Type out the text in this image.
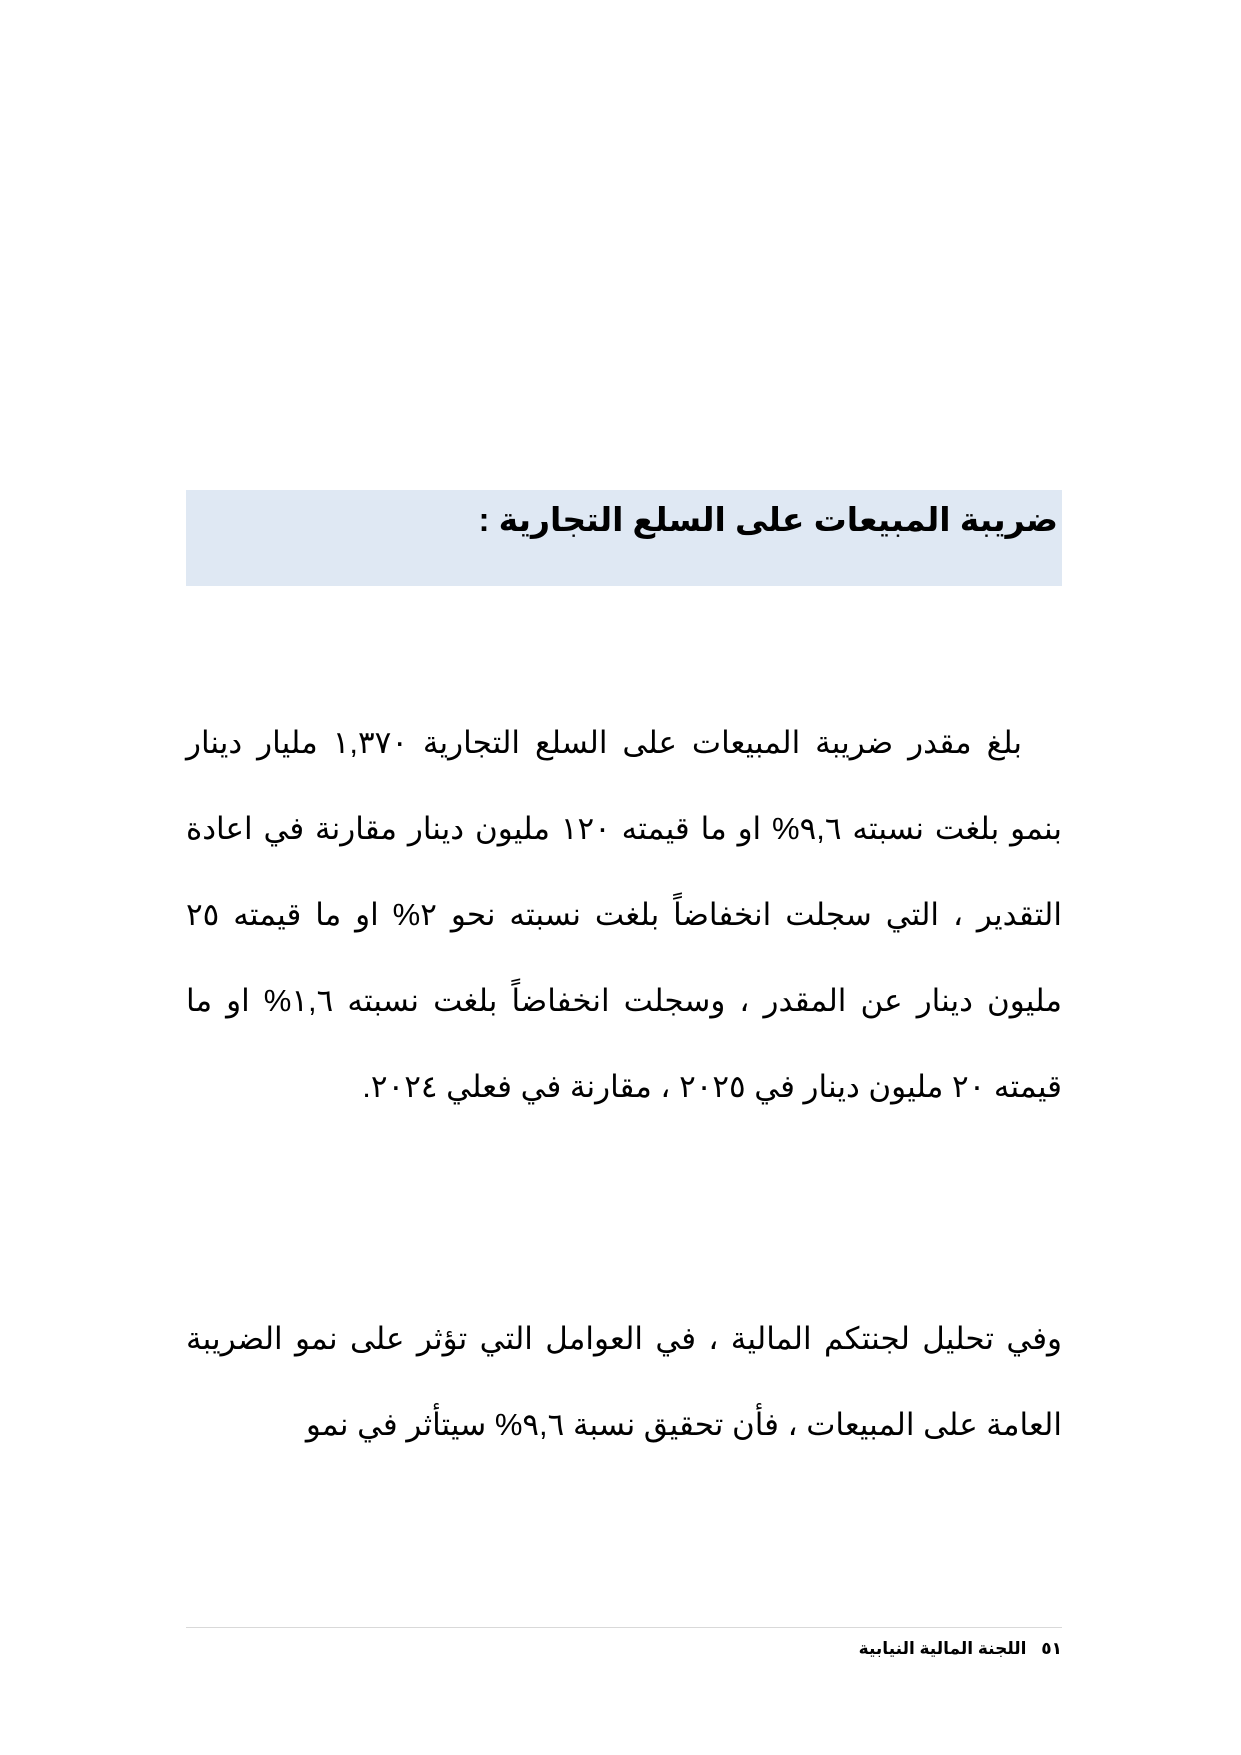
ضريبة المبيعات على السلع التجارية :

بلغ مقدر ضريبة المبيعات على السلع التجارية ١,٣٧٠ مليار دينار بنمو بلغت نسبته ٩,٦% او ما قيمته ١٢٠ مليون دينار مقارنة في اعادة التقدير ، التي سجلت انخفاضاً بلغت نسبته نحو ٢% او ما قيمته ٢٥ مليون دينار عن المقدر ، وسجلت انخفاضاً بلغت نسبته ١,٦% او ما قيمته ٢٠ مليون دينار في ٢٠٢٥ ، مقارنة في فعلي ٢٠٢٤.

وفي تحليل لجنتكم المالية ، في العوامل التي تؤثر على نمو الضريبة العامة على المبيعات ، فأن تحقيق نسبة ٩,٦% سيتأثر في نمو

٥١ اللجنة المالية النيابية
